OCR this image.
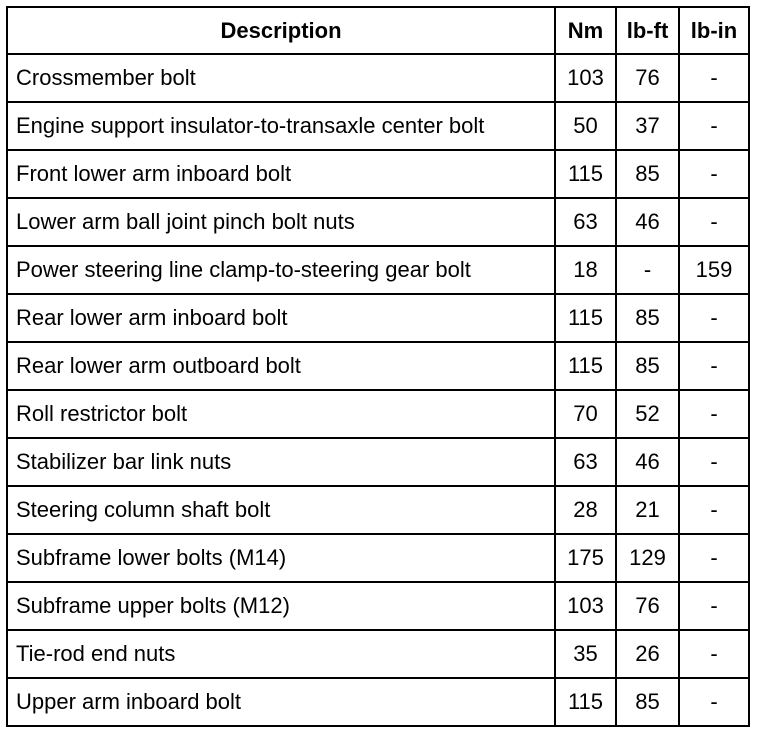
Description	Nm	lb-ft	lb-in
Crossmember bolt	103	76	-
Engine support insulator-to-transaxle center bolt	50	37	-
Front lower arm inboard bolt	115	85	-
Lower arm ball joint pinch bolt nuts	63	46	-
Power steering line clamp-to-steering gear bolt	18	-	159
Rear lower arm inboard bolt	115	85	-
Rear lower arm outboard bolt	115	85	-
Roll restrictor bolt	70	52	-
Stabilizer bar link nuts	63	46	-
Steering column shaft bolt	28	21	-
Subframe lower bolts (M14)	175	129	-
Subframe upper bolts (M12)	103	76	-
Tie-rod end nuts	35	26	-
Upper arm inboard bolt	115	85	-
